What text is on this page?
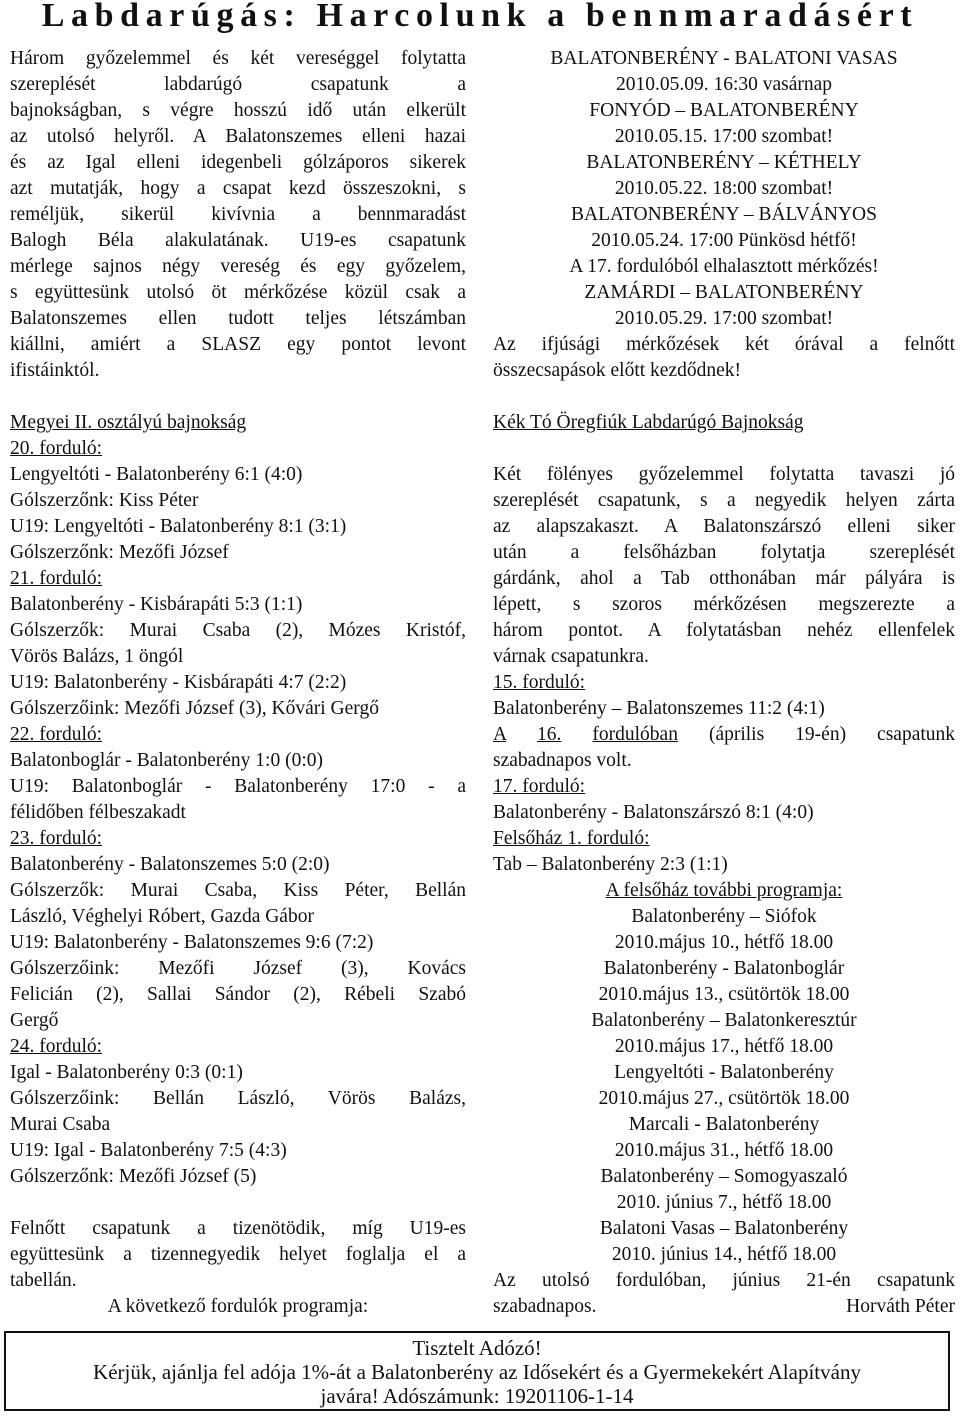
Labdarúgás: Harcolunk a bennmaradásért

Három győzelemmel és két vereséggel folytatta

szereplését labdarúgó csapatunk a

bajnokságban, s végre hosszú idő után elkerült

az utolsó helyről. A Balatonszemes elleni hazai

és az Igal elleni idegenbeli gólzáporos sikerek

azt mutatják, hogy a csapat kezd összeszokni, s

reméljük, sikerül kivívnia a bennmaradást

Balogh Béla alakulatának. U19-es csapatunk

mérlege sajnos négy vereség és egy győzelem,

s együttesünk utolsó öt mérkőzése közül csak a

Balatonszemes ellen tudott teljes létszámban

kiállni, amiért a SLASZ egy pontot levont

ifistáinktól.

Megyei II. osztályú bajnokság

20. forduló:

Lengyeltóti - Balatonberény 6:1 (4:0)

Gólszerzőnk: Kiss Péter

U19: Lengyeltóti - Balatonberény 8:1 (3:1)

Gólszerzőnk: Mezőfi József

21. forduló:

Balatonberény - Kisbárapáti 5:3 (1:1)

Gólszerzők: Murai Csaba (2), Mózes Kristóf,

Vörös Balázs, 1 öngól

U19: Balatonberény - Kisbárapáti 4:7 (2:2)

Gólszerzőink: Mezőfi József (3), Kővári Gergő

22. forduló:

Balatonboglár - Balatonberény 1:0 (0:0)

U19: Balatonboglár - Balatonberény 17:0 - a

félidőben félbeszakadt

23. forduló:

Balatonberény - Balatonszemes 5:0 (2:0)

Gólszerzők: Murai Csaba, Kiss Péter, Bellán

László, Véghelyi Róbert, Gazda Gábor

U19: Balatonberény - Balatonszemes 9:6 (7:2)

Gólszerzőink: Mezőfi József (3), Kovács

Felicián (2), Sallai Sándor (2), Rébeli Szabó

Gergő

24. forduló:

Igal - Balatonberény 0:3 (0:1)

Gólszerzőink: Bellán László, Vörös Balázs,

Murai Csaba

U19: Igal - Balatonberény 7:5 (4:3)

Gólszerzőnk: Mezőfi József (5)

Felnőtt csapatunk a tizenötödik, míg U19-es

együttesünk a tizennegyedik helyet foglalja el a

tabellán.

A következő fordulók programja:

BALATONBERÉNY - BALATONI VASAS

2010.05.09. 16:30 vasárnap

FONYÓD – BALATONBERÉNY

2010.05.15. 17:00 szombat!

BALATONBERÉNY – KÉTHELY

2010.05.22. 18:00 szombat!

BALATONBERÉNY – BÁLVÁNYOS

2010.05.24. 17:00 Pünkösd hétfő!

A 17. fordulóból elhalasztott mérkőzés!

ZAMÁRDI – BALATONBERÉNY

2010.05.29. 17:00 szombat!

Az ifjúsági mérkőzések két órával a felnőtt

összecsapások előtt kezdődnek!

Kék Tó Öregfiúk Labdarúgó Bajnokság

Két fölényes győzelemmel folytatta tavaszi jó

szereplését csapatunk, s a negyedik helyen zárta

az alapszakaszt. A Balatonszárszó elleni siker

után a felsőházban folytatja szereplését

gárdánk, ahol a Tab otthonában már pályára is

lépett, s szoros mérkőzésen megszerezte a

három pontot. A folytatásban nehéz ellenfelek

várnak csapatunkra.

15. forduló:

Balatonberény – Balatonszemes 11:2 (4:1)

A 16. fordulóban (április 19-én) csapatunk

szabadnapos volt.

17. forduló:

Balatonberény - Balatonszárszó 8:1 (4:0)

Felsőház 1. forduló:

Tab – Balatonberény 2:3 (1:1)

A felsőház további programja:

Balatonberény – Siófok

2010.május 10., hétfő 18.00

Balatonberény - Balatonboglár

2010.május 13., csütörtök 18.00

Balatonberény – Balatonkeresztúr

2010.május 17., hétfő 18.00

Lengyeltóti - Balatonberény

2010.május 27., csütörtök 18.00

Marcali - Balatonberény

2010.május 31., hétfő 18.00

Balatonberény – Somogyaszaló

2010. június 7., hétfő 18.00

Balatoni Vasas – Balatonberény

2010. június 14., hétfő 18.00

Az utolsó fordulóban, június 21-én csapatunk

szabadnapos.	Horváth Péter

Tisztelt Adózó!

Kérjük, ajánlja fel adója 1%-át a Balatonberény az Idősekért és a Gyermekekért Alapítvány

javára! Adószámunk: 19201106-1-14
